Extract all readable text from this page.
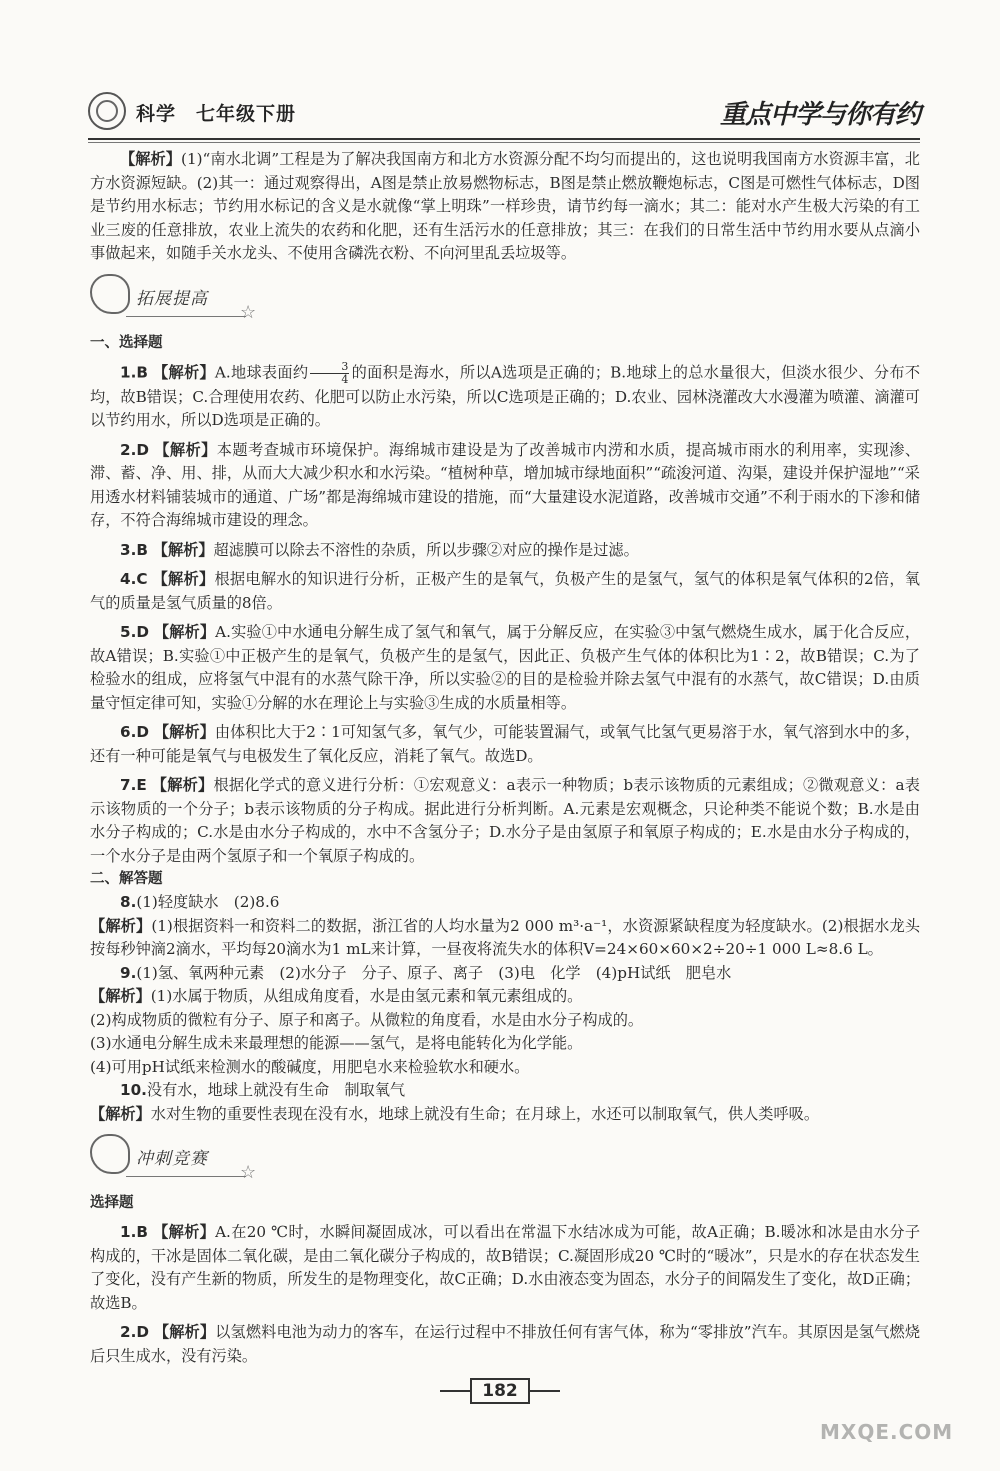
科学　七年级下册	重点中学与你有约

【解析】(1)“南水北调”工程是为了解决我国南方和北方水资源分配不均匀而提出的，这也说明我国南方水资源丰富，北方水资源短缺。(2)其一：通过观察得出，A图是禁止放易燃物标志，B图是禁止燃放鞭炮标志，C图是可燃性气体标志，D图是节约用水标志；节约用水标记的含义是水就像“掌上明珠”一样珍贵，请节约每一滴水；其二：能对水产生极大污染的有工业三废的任意排放，农业上流失的农药和化肥，还有生活污水的任意排放；其三：在我们的日常生活中节约用水要从点滴小事做起来，如随手关水龙头、不使用含磷洗衣粉、不向河里乱丢垃圾等。

拓展提高
☆
一、选择题

1.B 【解析】A.地球表面约 $\frac{3}{4}$ 的面积是海水，所以A选项是正确的；B.地球上的总水量很大，但淡水很少、分布不均，故B错误；C.合理使用农药、化肥可以防止水污染，所以C选项是正确的；D.农业、园林浇灌改大水漫灌为喷灌、滴灌可以节约用水，所以D选项是正确的。

2.D 【解析】本题考查城市环境保护。海绵城市建设是为了改善城市内涝和水质，提高城市雨水的利用率，实现渗、滞、蓄、净、用、排，从而大大减少积水和水污染。“植树种草，增加城市绿地面积”“疏浚河道、沟渠，建设并保护湿地”“采用透水材料铺装城市的通道、广场”都是海绵城市建设的措施，而“大量建设水泥道路，改善城市交通”不利于雨水的下渗和储存，不符合海绵城市建设的理念。

3.B 【解析】超滤膜可以除去不溶性的杂质，所以步骤②对应的操作是过滤。

4.C 【解析】根据电解水的知识进行分析，正极产生的是氧气，负极产生的是氢气，氢气的体积是氧气体积的2倍，氧气的质量是氢气质量的8倍。

5.D 【解析】A.实验①中水通电分解生成了氢气和氧气，属于分解反应，在实验③中氢气燃烧生成水，属于化合反应，故A错误；B.实验①中正极产生的是氧气，负极产生的是氢气，因此正、负极产生气体的体积比为1∶2，故B错误；C.为了检验水的组成，应将氢气中混有的水蒸气除干净，所以实验②的目的是检验并除去氢气中混有的水蒸气，故C错误；D.由质量守恒定律可知，实验①分解的水在理论上与实验③生成的水质量相等。

6.D 【解析】由体积比大于2∶1可知氢气多，氧气少，可能装置漏气，或氧气比氢气更易溶于水，氧气溶到水中的多，还有一种可能是氧气与电极发生了氧化反应，消耗了氧气。故选D。

7.E 【解析】根据化学式的意义进行分析：①宏观意义：a表示一种物质；b表示该物质的元素组成；②微观意义：a表示该物质的一个分子；b表示该物质的分子构成。据此进行分析判断。A.元素是宏观概念，只论种类不能说个数；B.水是由水分子构成的；C.水是由水分子构成的，水中不含氢分子；D.水分子是由氢原子和氧原子构成的；E.水是由水分子构成的，一个水分子是由两个氢原子和一个氧原子构成的。

二、解答题

8.(1)轻度缺水　(2)8.6

【解析】(1)根据资料一和资料二的数据，浙江省的人均水量为2 000 m³·a⁻¹，水资源紧缺程度为轻度缺水。(2)根据水龙头按每秒钟滴2滴水，平均每20滴水为1 mL来计算，一昼夜将流失水的体积V=24×60×60×2÷20÷1 000 L≈8.6 L。

9.(1)氢、氧两种元素　(2)水分子　分子、原子、离子　(3)电　化学　(4)pH试纸　肥皂水

【解析】(1)水属于物质，从组成角度看，水是由氢元素和氧元素组成的。

(2)构成物质的微粒有分子、原子和离子。从微粒的角度看，水是由水分子构成的。

(3)水通电分解生成未来最理想的能源——氢气，是将电能转化为化学能。

(4)可用pH试纸来检测水的酸碱度，用肥皂水来检验软水和硬水。

10.没有水，地球上就没有生命　制取氧气

【解析】水对生物的重要性表现在没有水，地球上就没有生命；在月球上，水还可以制取氧气，供人类呼吸。

冲刺竞赛
☆
选择题

1.B 【解析】A.在20 ℃时，水瞬间凝固成冰，可以看出在常温下水结冰成为可能，故A正确；B.暖冰和冰是由水分子构成的，干冰是固体二氧化碳，是由二氧化碳分子构成的，故B错误；C.凝固形成20 ℃时的“暖冰”，只是水的存在状态发生了变化，没有产生新的物质，所发生的是物理变化，故C正确；D.水由液态变为固态，水分子的间隔发生了变化，故D正确；故选B。

2.D 【解析】以氢燃料电池为动力的客车，在运行过程中不排放任何有害气体，称为“零排放”汽车。其原因是氢气燃烧后只生成水，没有污染。

182
MXQE.COM
